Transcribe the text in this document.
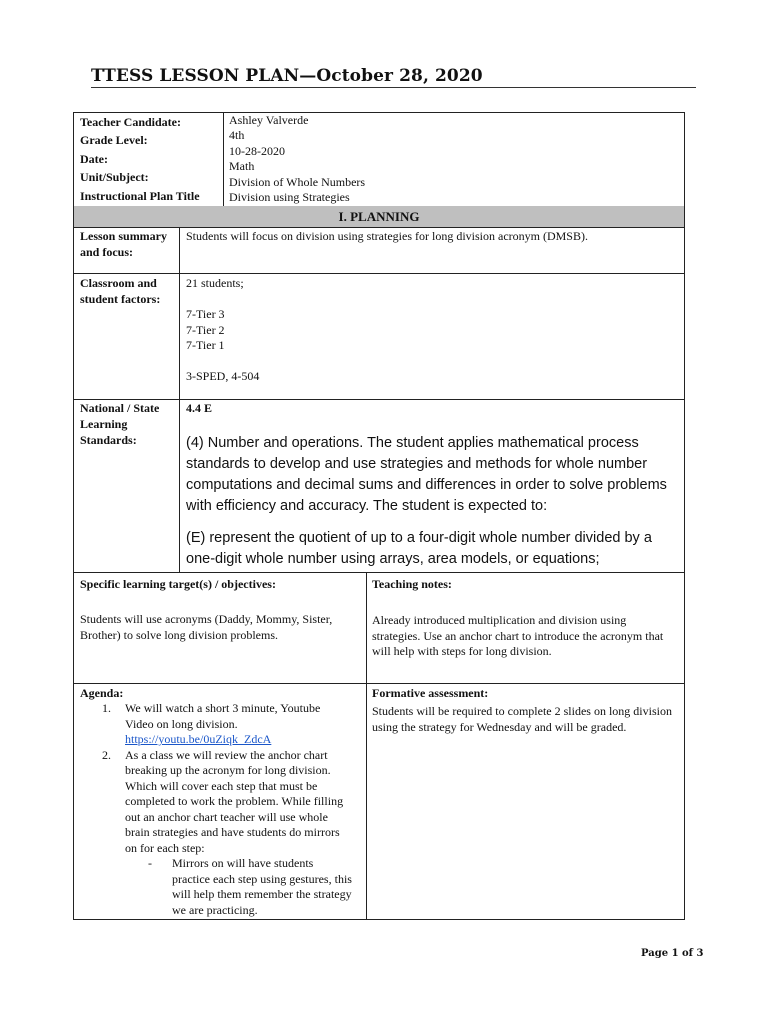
TTESS LESSON PLAN—October 28, 2020
Teacher Candidate:
Grade Level:
Date:
Unit/Subject:
Instructional Plan Title
Ashley Valverde
4th
10-28-2020
Math
Division of Whole Numbers
Division using Strategies
I. PLANNING
Lesson summary and focus:
Students will focus on division using strategies for long division acronym (DMSB).
Classroom and student factors:
21 students;
7-Tier 3
7-Tier 2
7-Tier 1
3-SPED, 4-504
National / State Learning Standards:
4.4 E
(4) Number and operations. The student applies mathematical process standards to develop and use strategies and methods for whole number computations and decimal sums and differences in order to solve problems with efficiency and accuracy. The student is expected to:
(E) represent the quotient of up to a four-digit whole number divided by a one-digit whole number using arrays, area models, or equations;
Specific learning target(s) / objectives:
Students will use acronyms (Daddy, Mommy, Sister, Brother) to solve long division problems.
Teaching notes:
Already introduced multiplication and division using strategies. Use an anchor chart to introduce the acronym that will help with steps for long division.
Agenda:
1. We will watch a short 3 minute, Youtube Video on long division.
https://youtu.be/0uZiqk_ZdcA
2. As a class we will review the anchor chart breaking up the acronym for long division. Which will cover each step that must be completed to work the problem. While filling out an anchor chart teacher will use whole brain strategies and have students do mirrors on for each step:
- Mirrors on will have students practice each step using gestures, this will help them remember the strategy we are practicing.
Formative assessment:
Students will be required to complete 2 slides on long division using the strategy for Wednesday and will be graded.
Page 1 of 3
